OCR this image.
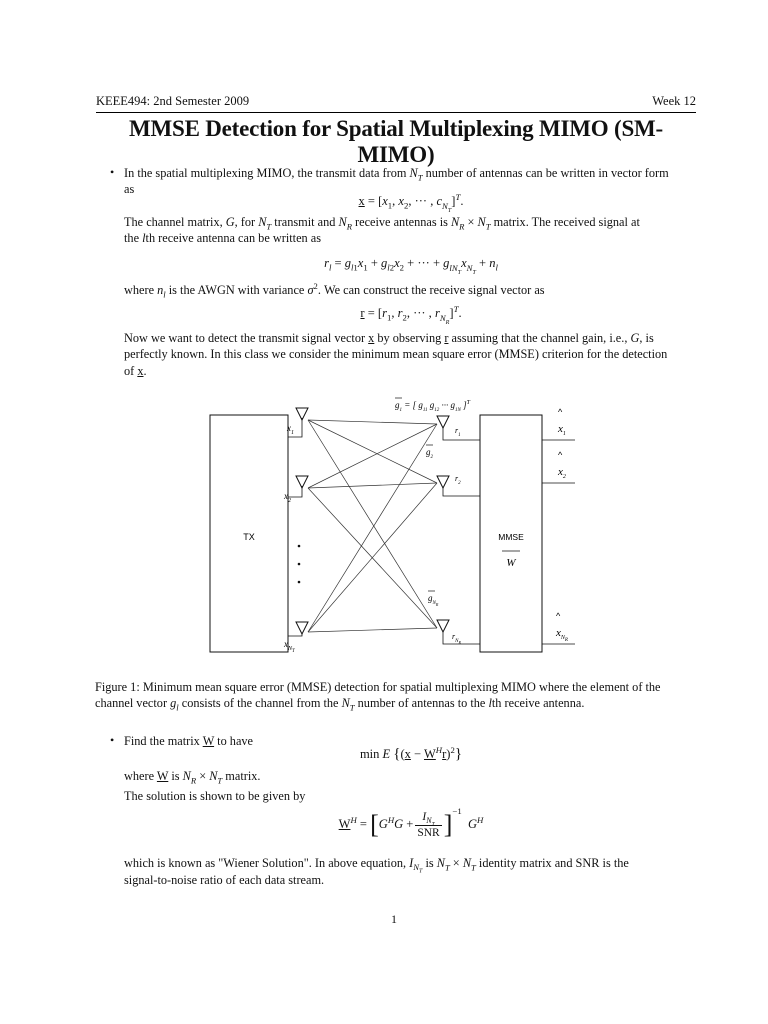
KEEE494: 2nd Semester 2009	Week 12
MMSE Detection for Spatial Multiplexing MIMO (SM-MIMO)
• In the spatial multiplexing MIMO, the transmit data from $N_T$ number of antennas can be written in vector form
as
$x = [x_1$, $x_2$, ··· , $c_{N_T}]^T$.
The channel matrix, G, for $N_T$ transmit and $N_R$ receive antennas is $N_R \times N_T$ matrix. The received signal at
the lth receive antenna can be written as
$r_l = g_{l1}x_1 + g_{l2}x_2$ + ··· + $g_{lN_T}x_{N_T} + n_l$
where $n_l$ is the AWGN with variance $\sigma^2$. We can construct the receive signal vector as
$r = [r_1$, $r_2$, ··· , $r_{N_R}]^T$.
Now we want to detect the transmit signal vector x by observing r assuming that the channel gain, i.e., G, is
perfectly known. In this class we consider the minimum mean square error (MMSE) criterion for the detection
of x.
TX	MMSE
W
$x_1$
$x_2$
$x_{NT}$
$r_1$
$r_2$
$r_{NR}$
$g_1$ = [ $g_{11}$ $g_{12}$ ··· $g_{1N}$ ]$^T$
$g_2$
$g_{NR}$
$x_1$
^
$x_2$
^
$x_NR$
^
Figure 1: Minimum mean square error (MMSE) detection for spatial multiplexing MIMO where the element of the
channel vector $g_l$ consists of the channel from the $N_T$ number of antennas to the lth receive antenna.
• Find the matrix W to have
min E $\{(x - W^Hr)^2\}$
where W is $N_R \times N_T$ matrix.
The solution is shown to be given by
$W^H = [G^HG + \frac{I_{N_T}}{\text{SNR}} ]^{-1}$  $G^H$
which is known as "Wiener Solution". In above equation, $I_{N_T}$ is $N_T \times N_T$ identity matrix and SNR is the
signal-to-noise ratio of each data stream.
1
